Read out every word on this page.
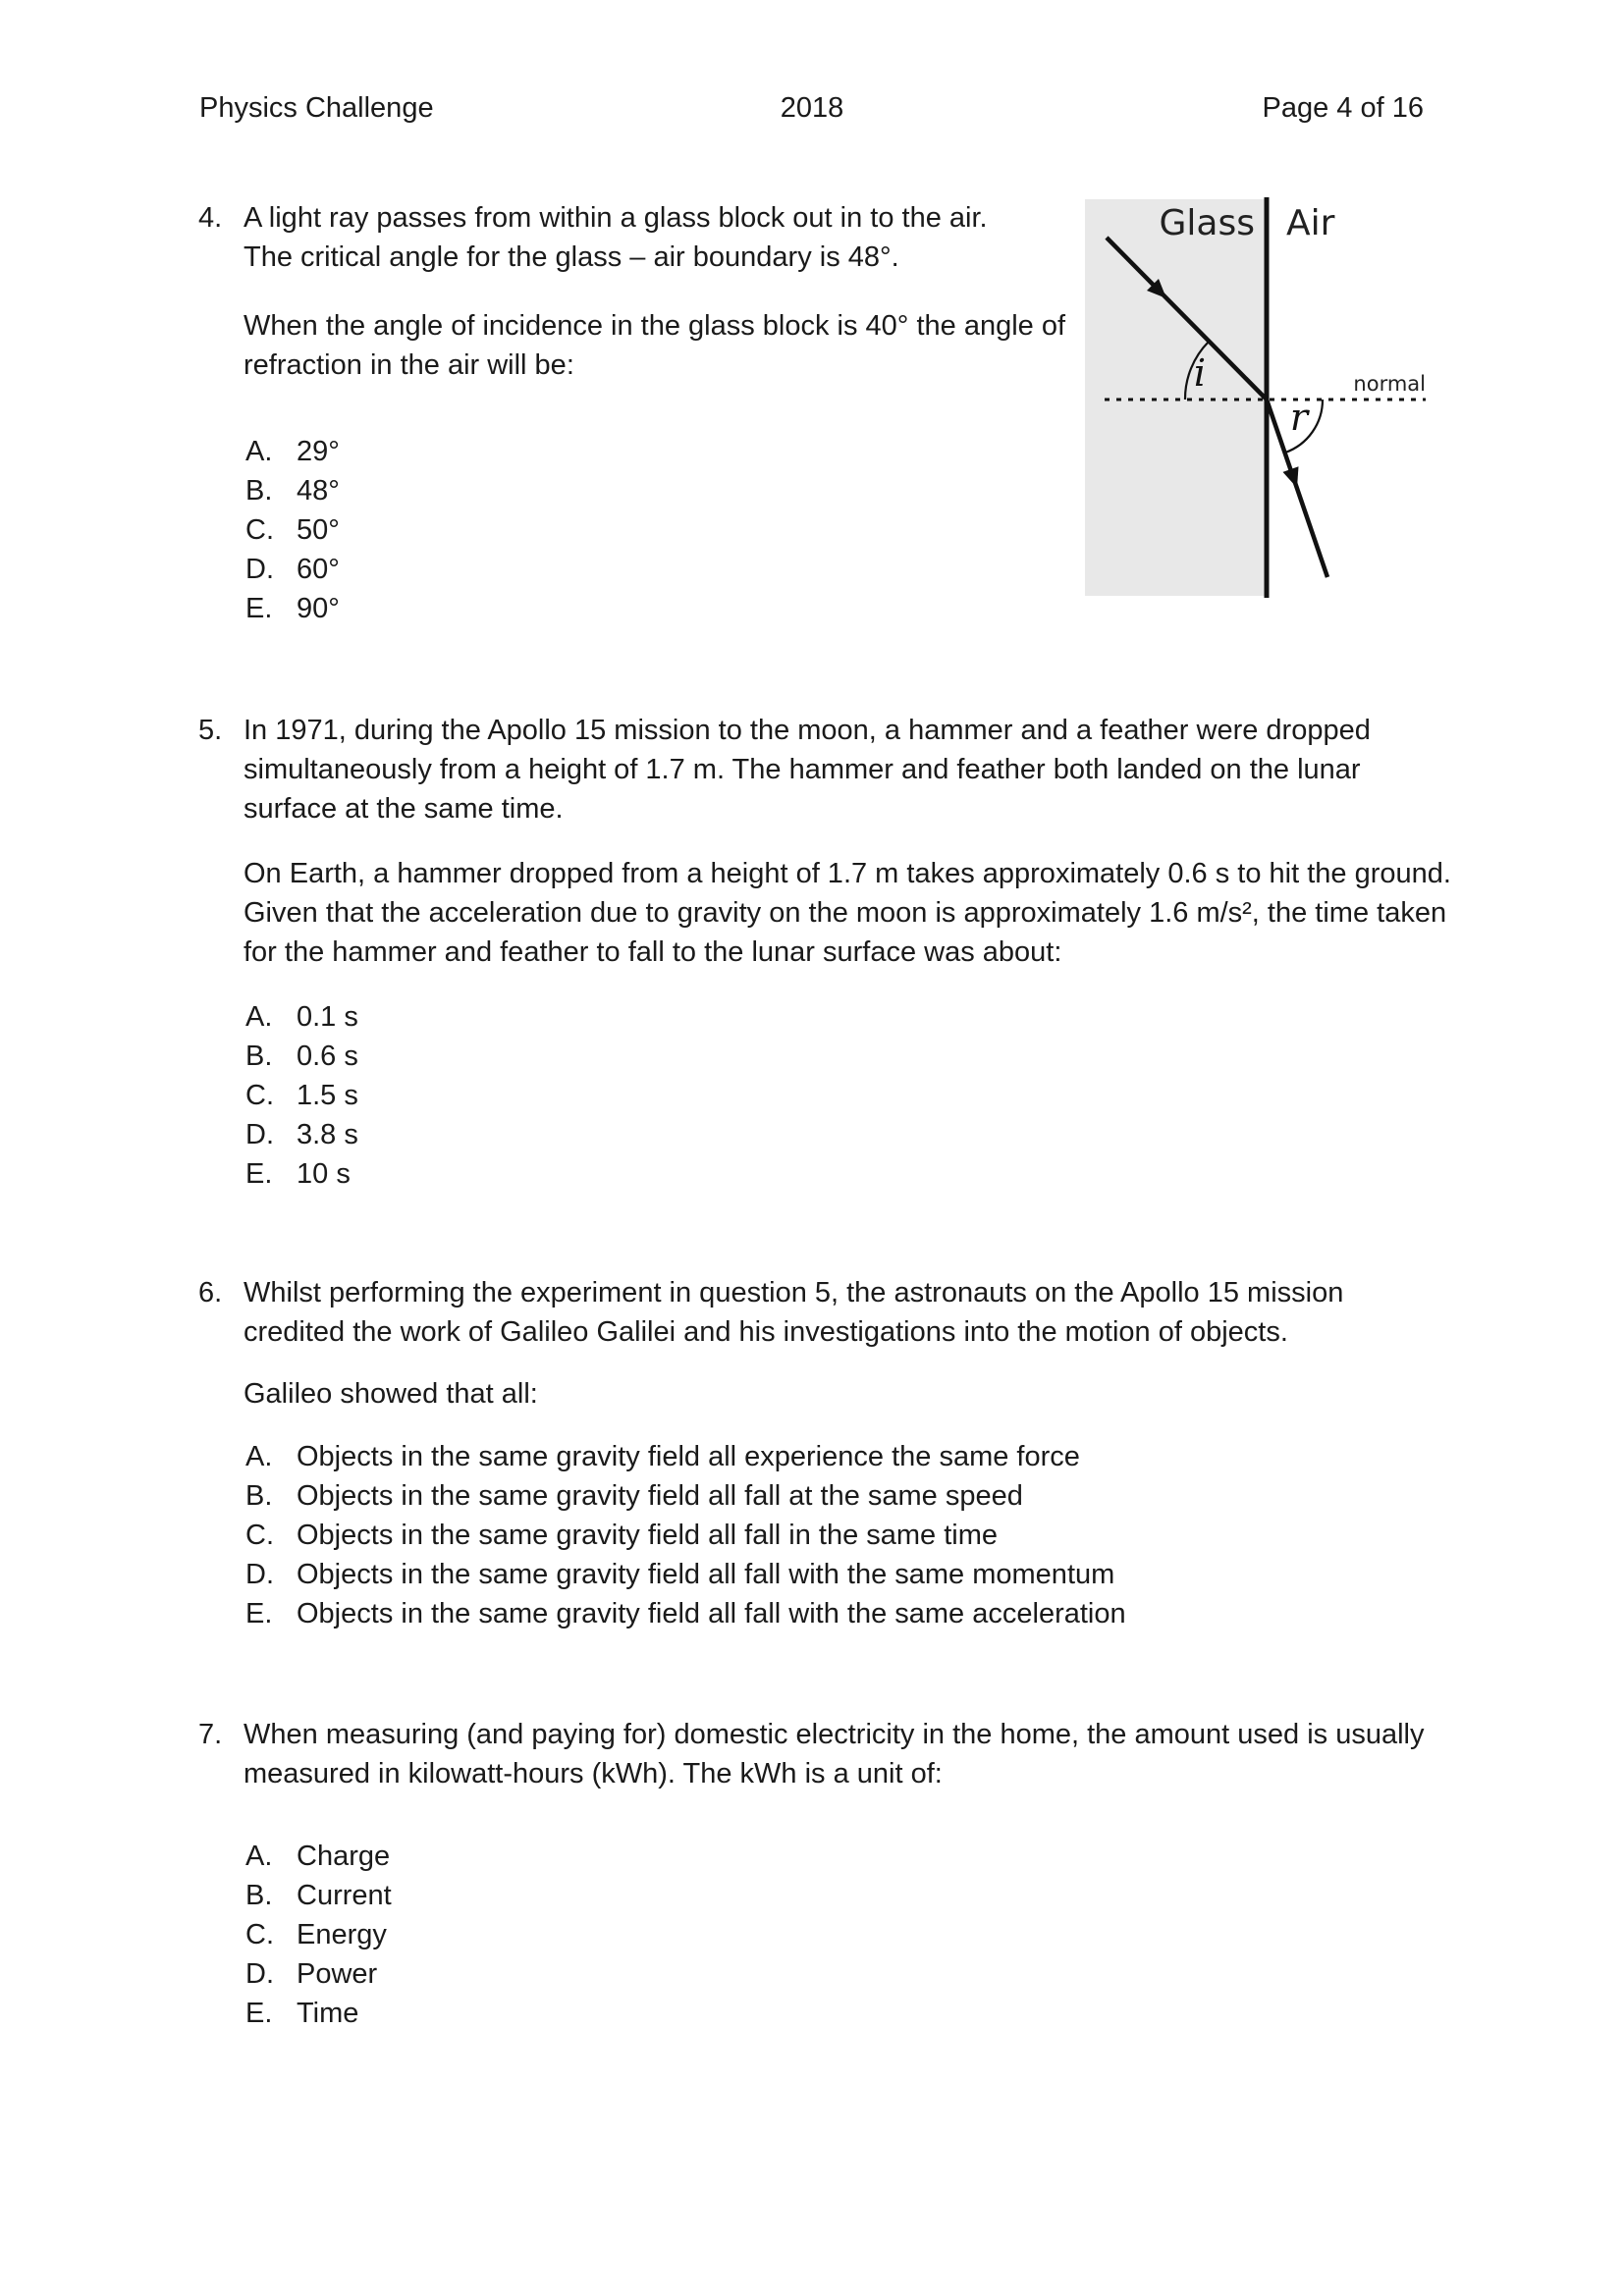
Physics Challenge	2018	Page 4 of 16
4. A light ray passes from within a glass block out in to the air.
The critical angle for the glass – air boundary is 48°.
When the angle of incidence in the glass block is 40° the angle of
refraction in the air will be:
A. 29°
B. 48°
C. 50°
D. 60°
E. 90°
Glass Air
normal
i
r
5. In 1971, during the Apollo 15 mission to the moon, a hammer and a feather were dropped
simultaneously from a height of 1.7 m. The hammer and feather both landed on the lunar
surface at the same time.
On Earth, a hammer dropped from a height of 1.7 m takes approximately 0.6 s to hit the ground.
Given that the acceleration due to gravity on the moon is approximately 1.6 m/s², the time taken
for the hammer and feather to fall to the lunar surface was about:
A. 0.1 s
B. 0.6 s
C. 1.5 s
D. 3.8 s
E. 10 s
6. Whilst performing the experiment in question 5, the astronauts on the Apollo 15 mission
credited the work of Galileo Galilei and his investigations into the motion of objects.
Galileo showed that all:
A. Objects in the same gravity field all experience the same force
B. Objects in the same gravity field all fall at the same speed
C. Objects in the same gravity field all fall in the same time
D. Objects in the same gravity field all fall with the same momentum
E. Objects in the same gravity field all fall with the same acceleration
7. When measuring (and paying for) domestic electricity in the home, the amount used is usually
measured in kilowatt-hours (kWh). The kWh is a unit of:
A. Charge
B. Current
C. Energy
D. Power
E. Time
